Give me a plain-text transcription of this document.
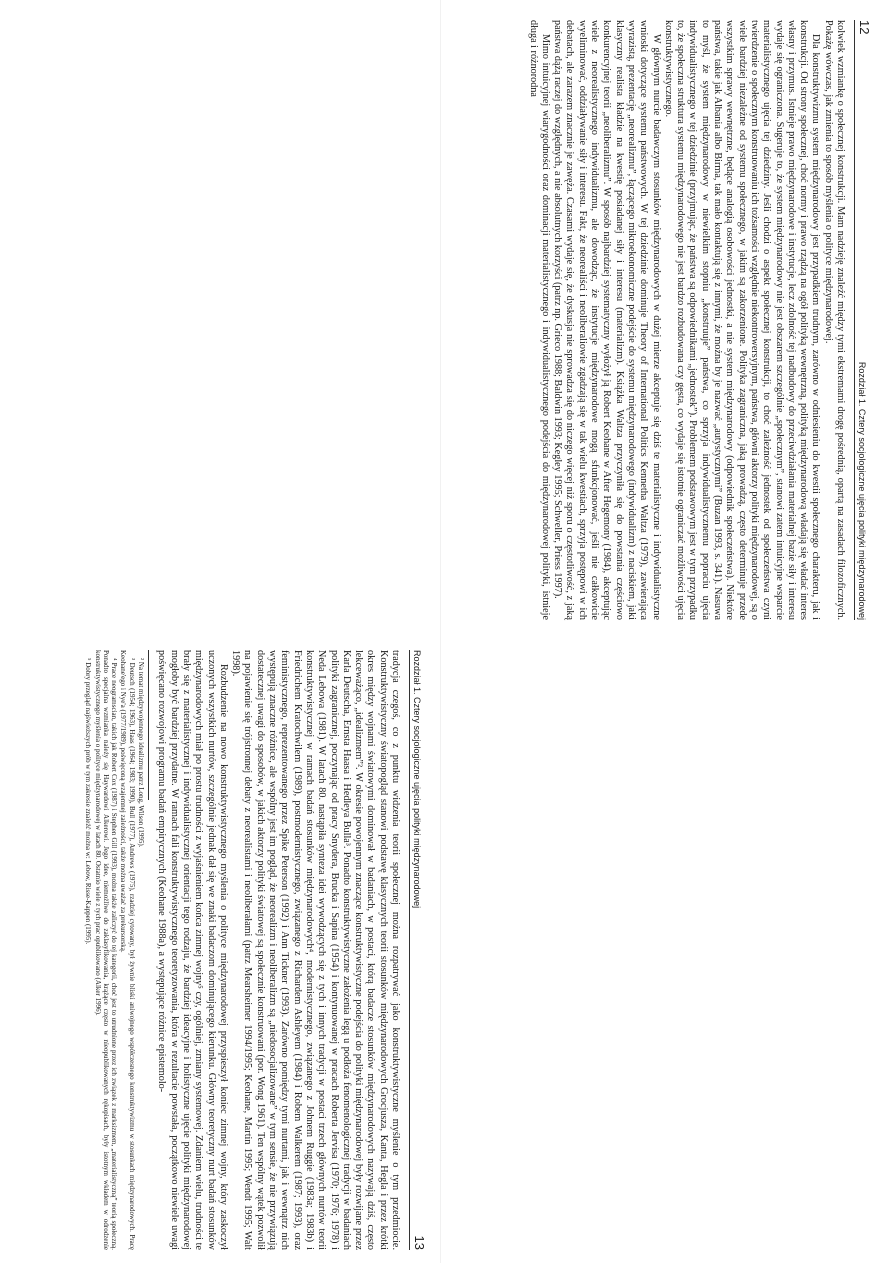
12
Rozdział 1. Cztery socjologiczne ujęcia polityki międzynarodowej

kolwiek wzmiankę o społecznej konstrukcji. Mam nadzieję znaleźć między tymi ekstremami drogę pośrednią, opartą na zasadach filozoficznych. Pokażę wówczas, jak zmienia to sposób myślenia o polityce międzynarodowej.

Dla konstruktywizmu system międzynarodowy jest przypadkiem trudnym, zarówno w odniesieniu do kwestii społecznego charakteru, jak i konstrukcji. Od strony społecznej, choć normy i prawo rządzą na ogół polityką wewnętrzną, polityką międzynarodową władają się władać interes własny i przymus. Istnieje prawo międzynarodowe i instytucje, lecz zdolność tej nadbudowy do przeciwdziałania materialnej bazie siły i interesu wydaje się ograniczona. Sugeruje to, że system międzynarodowy nie jest obszarem szczególnie „społecznym”, stanowi zatem intuicyjne wsparcie materialistycznego ujęcia tej dziedziny. Jeśli chodzi o aspekt społecznej konstrukcji, to choć zależność jednostek od społeczeństwa czyni twierdzenie o społecznym konstruowaniu ich tożsamości względnie niekontrowersyjnym, państwa, główni aktorzy polityki międzynarodowej, są o wiele bardziej niezależne od systemu społecznego, w jakim są zakorzenione. Polityka zagraniczna, jaką prowadzą, często determinuje przede wszystkim sprawy wewnętrzne, będące analogią osobowości jednostki, a nie system międzynarodowy (odpowiednik społeczeństwa). Niektóre państwa, takie jak Albania albo Birma, tak mało kontaktują się z innymi, że można by je nazwać „autystycznymi” (Buzan 1993, s. 341). Nasuwa to myśl, że system międzynarodowy w niewielkim stopniu „konstruuje” państwa, co sprzyja indywidualistycznemu popraciu ujęcia indywidualistycznego w tej dziedzinie (przyjmując, że państwa są odpowiednikami „jednostek”). Problemem podstawowym jest w tym przypadku to, że społeczna struktura systemu międzynarodowego nie jest bardzo rozbudowana czy gęsta, co wydaje się istotnie ograniczać możliwości ujęcia konstruktywistycznego.

W głównym nurcie badawczym stosunków międzynarodowych w dużej mierze akceptuje się dziś te materialistyczne i indywidualistyczne wnioski dotyczące systemu państwowych. W tej dziedzinie dominuje Theory of International Politics Kennetha Waltza (1979), zawierająca wyrazistą, prezentację „neorealizmu”, łączącego mikroekonomiczne podejście do systemu międzynarodowego (indywidualizm) z naciskiem, jaki klasyczny realista kładzie na kwestię posiadanej siły i interesu (materializm). Książka Waltza przyczyniła się do powstania częściowo konkurencyjnej teorii „neoliberalizmu”. W sposób najbardziej systematyczny wyłożył ją Robert Keohane w After Hegemony (1984), akceptując wiele z neorealistycznego indywidualizmu, ale dowodząc, że instytucje międzynarodowe mogą sfunkcjonować, jeśli nie całkowicie wyeliminować, oddziaływanie siły i interesu. Fakt, że neorealiści i neoliberaliowie zgadzają się w tak wielu kwestiach, sprzyja postępowi w ich debatach, ale zarazem znacznie je zawęża. Czasami wydaje się, że dyskusja nie sprowadza się do niczego więcej niż sporu o częstotliwość, z jaką państwa dążą raczej do względnych, a nie absolutnych korzyści (patrz np. Grieco 1988; Baldwin 1993; Kegley 1995; Schweller, Priess 1997).

Mimo intuicyjnej wiarygodności oraz dominacji materialistycznego i indywidualistycznego podejścia do międzynarodowej polityki, istnieje długa i różnorodna

Rozdział 1. Cztery socjologiczne ujęcia polityki międzynarodowej
13

tradycja czegoś, co z punktu widzenia teorii społecznej można rozpatrywać jako konstruktywistyczne myślenie o tym przedmiocie. Konstruktywistyczny światopogląd stanowi podstawę klasycznych teorii stosunków międzynarodowych Grocjusza, Kanta, Hegla i przez krótki okres między wojnami światowymi dominował w badaniach, w postaci, którą badacze stosunków międzynarodowych nazywają dziś, często lekceważąco, „idealizmem”². W okresie powojennym znaczące konstruktywistyczne podejścia do polityki międzynarodowej były rozwijane przez Karla Deutscha, Ernsta Haasa i Hedleya Bulla³. Ponadto konstruktywistyczne założenia legą u podłoża fenomenologicznej tradycji w badaniach polityki zagranicznej, poczynając od pracy Snydera, Brucka i Sapina (1954) i kontynuowanej w pracach Roberta Jervisa (1970; 1976; 1978) i Neda Lebowa (1981). W latach 80. nastąpiła synteza idei wywodzących się z tych i innych tradycji w postaci trzech głównych nurtów teorii konstruktywistycznej w ramach badań stosunków międzynarodowych⁴, modernistycznego, związanego z Johnem Ruggie (1983a; 1983b) i Friedrichem Kratochwilem (1989), postmodernistycznego, związanego z Richardem Ashleyem (1984) i Robem Walkerem (1987; 1993), oraz feministycznego, reprezentowanego przez Spike Peterson (1992) i Ann Tickner (1993). Zarówno pomiędzy tymi nurtami, jak i wewnątrz nich występują znaczne różnice, ale wspólny jest im pogląd, że neorealizm i neoliberalizm są „niedosocjalizowane” w tym sensie, że nie przywiązują dostatecznej uwagi do sposobów, w jakich aktorzy polityki światowej są społecznie konstruowani (por. Wong 1961). Ten wspólny wątek pozwolił na pojawienie się trójstronnej debaty z neorealistami i neoliberałami (patrz Mearsheimer 1994/1995; Keohane, Martin 1995; Wendt 1995; Walt 1998).

Rozbudzenie na nowo konstruktywistycznego myślenia o polityce międzynarodowej przyspieszył koniec zimnej wojny, który zaskoczył uczonych wszystkich nurtów, szczególnie jednak dał się we znaki badaczom dominującego kierunku. Główny teoretyczny nurt badań stosunków międzynarodowych miał po prostu trudności z wyjaśnieniem końca zimnej wojny⁵ czy, ogólniej, zmiany systemowej. Zdaniem wielu, trudności te brały się z materialistycznej i indywidualistycznej orientacji tego rodzaju, że bardziej ideacyjne i holistyczne ujęcie polityki międzynarodowej mogłoby być bardziej przydatne. W ramach fali konstruktywistycznego teoretyzowania, która w rezultacie powstała, początkowo niewiele uwagi poświęcano rozwojowi programu badań empirycznych (Keohane 1988a), a występujące różnice epistemolo-

² Na temat międzywojennego idealizmu patrz Long, Wilson (1995).

³ Deutsch (1954; 1963), Haas (1964; 1983; 1990), Bull (1977), Andrews (1975), rzadziej cytowany, był żywnie bliski aniwojnego współczesnego konstruktywizmu w stosunkach międzynarodowych. Pracę Keohane'ego i Nye'a (1977/1989), poświęconą wzajemnej zależności, także można uważać za prekursorską.

⁴ Prace neogramscian, takich jak Robert Cox (1987) i Stephen Gill (1993), można także zaliczyć do tej kategorii, choć jest to utrudnione przez ich związek z marksizmem, „materialistyczną” teorią społeczną. Ponadto specjalna wzmianka należy się Haywardowi Alkerowi. Jego idee, niemożliwe do zaklasyfikowania, krążące często w nieopublikowanych rękopisach, były istotnym wkładem w odrodzenie konstruktywistycznego myślenia o polityce międzynarodowej w latach 80. Ostatnio wiele z tych prac opublikowano (Alker 1996).

⁵ Dobry przegląd najświeższych prób w tym zakresie znaleźć można w: Lebow, Risse-Kappen (1995).
